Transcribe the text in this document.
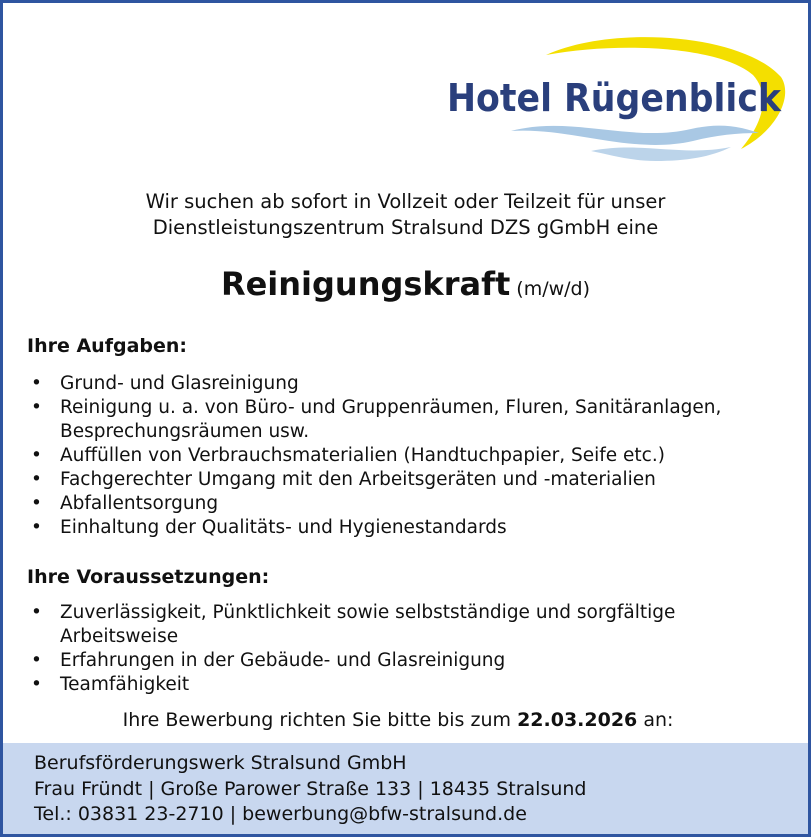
Hotel Rügenblick
Wir suchen ab sofort in Vollzeit oder Teilzeit für unser
Dienstleistungszentrum Stralsund DZS gGmbH eine
Reinigungskraft (m/w/d)
Ihre Aufgaben:
• Grund- und Glasreinigung
• Reinigung u. a. von Büro- und Gruppenräumen, Fluren, Sanitäranlagen, Besprechungsräumen usw.
• Auffüllen von Verbrauchsmaterialien (Handtuchpapier, Seife etc.)
• Fachgerechter Umgang mit den Arbeitsgeräten und -materialien
• Abfallentsorgung
• Einhaltung der Qualitäts- und Hygienestandards
Ihre Voraussetzungen:
• Zuverlässigkeit, Pünktlichkeit sowie selbstständige und sorgfältige Arbeitsweise
• Erfahrungen in der Gebäude- und Glasreinigung
• Teamfähigkeit
Ihre Bewerbung richten Sie bitte bis zum 22.03.2026 an:
Berufsförderungswerk Stralsund GmbH
Frau Fründt | Große Parower Straße 133 | 18435 Stralsund
Tel.: 03831 23-2710 | bewerbung@bfw-stralsund.de
